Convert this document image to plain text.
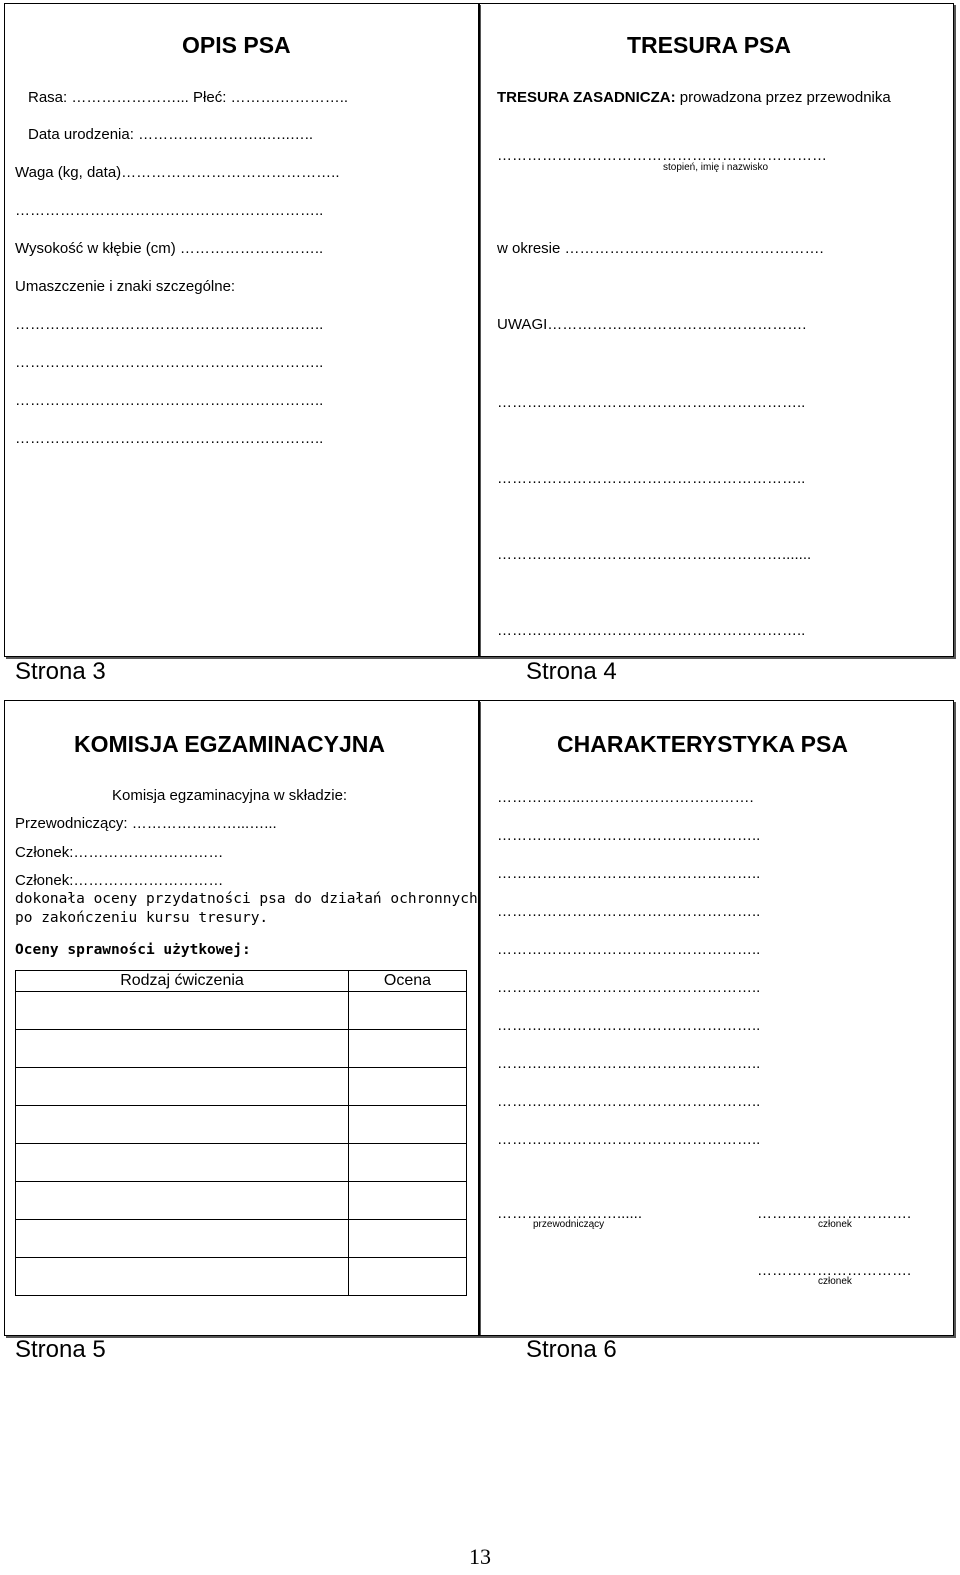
OPIS PSA
Rasa: …………………... Płeć: ……….…………..
Data urodzenia: ……………………..…..…..
Waga (kg, data)……………………………………..
……………………………………………………..
Wysokość w kłębie (cm) ………………………..
Umaszczenie i znaki szczególne:
……………………………………………………..
……………………………………………………..
……………………………………………………..
……………………………………………………..
Strona 3
TRESURA PSA
TRESURA ZASADNICZA: prowadzona przez przewodnika
…………………………………………………………
stopień, imię i nazwisko
w okresie …………………………………………….
UWAGI…………………………………………….
……………………………………………………..
……………………………………………………..
………………………………………………….......
……………………………………………………..
Strona 4
KOMISJA EGZAMINACYJNA
Komisja egzaminacyjna w składzie:
Przewodniczący: …………………...…...
Członek:…………………………
Członek:…………………………
dokonała oceny przydatności psa do działań ochronnych
po zakończeniu kursu tresury.
Oceny sprawności użytkowej:
Rodzaj ćwiczenia	Ocena

Strona 5
CHARAKTERYSTYKA PSA
……………...…………………………….
……………………………………………..
……………………………………………..
……………………………………………..
……………………………………………..
……………………………………………..
……………………………………………..
……………………………………………..
……………………………………………..
……………………………………………..
……………………......
przewodniczący
………………………….
członek
………………………….
członek
Strona 6
13
